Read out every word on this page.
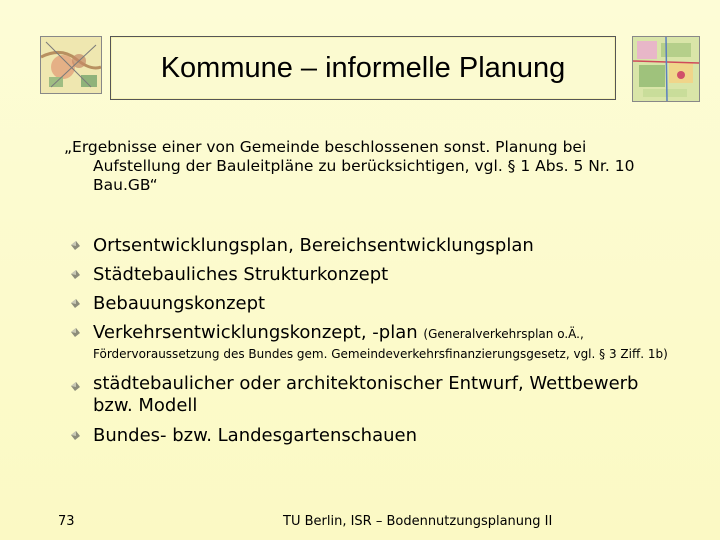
Kommune – informelle Planung
„Ergebnisse einer von Gemeinde beschlossenen sonst. Planung bei
Aufstellung der Bauleitpläne zu berücksichtigen, vgl. § 1 Abs. 5 Nr. 10 Bau.GB“
Ortsentwicklungsplan, Bereichsentwicklungsplan
Städtebauliches Strukturkonzept
Bebauungskonzept
Verkehrsentwicklungskonzept, -plan (Generalverkehrsplan o.Ä.,
Fördervoraussetzung des Bundes gem. Gemeindeverkehrsfinanzierungsgesetz, vgl. § 3 Ziff. 1b)
städtebaulicher oder architektonischer Entwurf, Wettbewerb bzw. Modell
Bundes- bzw. Landesgartenschauen
73	TU Berlin, ISR – Bodennutzungsplanung II
